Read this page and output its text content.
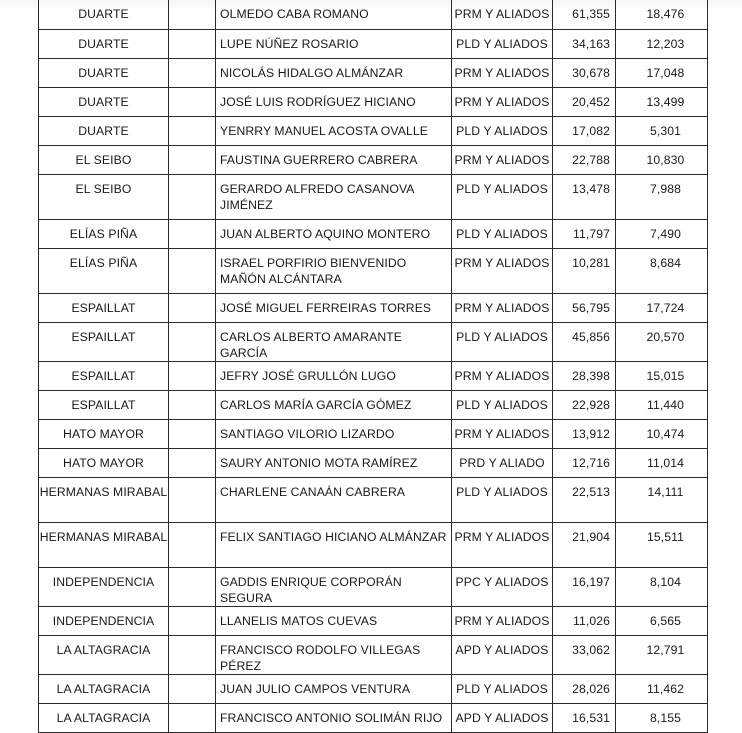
DUARTE		OLMEDO CABA ROMANO	PRM Y ALIADOS	61,355	18,476
DUARTE		LUPE NÚÑEZ ROSARIO	PLD Y ALIADOS	34,163	12,203
DUARTE		NICOLÁS HIDALGO ALMÁNZAR	PRM Y ALIADOS	30,678	17,048
DUARTE		JOSÉ LUIS RODRÍGUEZ HICIANO	PRM Y ALIADOS	20,452	13,499
DUARTE		YENRRY MANUEL ACOSTA OVALLE	PLD Y ALIADOS	17,082	5,301
EL SEIBO		FAUSTINA GUERRERO CABRERA	PRM Y ALIADOS	22,788	10,830
EL SEIBO		GERARDO ALFREDO CASANOVA JIMÉNEZ	PLD Y ALIADOS	13,478	7,988
ELÍAS PIÑA		JUAN ALBERTO AQUINO MONTERO	PLD Y ALIADOS	11,797	7,490
ELÍAS PIÑA		ISRAEL PORFIRIO BIENVENIDO MAÑÓN ALCÁNTARA	PRM Y ALIADOS	10,281	8,684
ESPAILLAT		JOSÉ MIGUEL FERREIRAS TORRES	PRM Y ALIADOS	56,795	17,724
ESPAILLAT		CARLOS ALBERTO AMARANTE GARCÍA	PLD Y ALIADOS	45,856	20,570
ESPAILLAT		JEFRY JOSÉ GRULLÓN LUGO	PRM Y ALIADOS	28,398	15,015
ESPAILLAT		CARLOS MARÍA GARCÍA GÓMEZ	PLD Y ALIADOS	22,928	11,440
HATO MAYOR		SANTIAGO VILORIO LIZARDO	PRM Y ALIADOS	13,912	10,474
HATO MAYOR		SAURY ANTONIO MOTA RAMÍREZ	PRD Y ALIADO	12,716	11,014
HERMANAS MIRABAL		CHARLENE CANAÁN CABRERA	PLD Y ALIADOS	22,513	14,111
HERMANAS MIRABAL		FELIX SANTIAGO HICIANO ALMÁNZAR	PRM Y ALIADOS	21,904	15,511
INDEPENDENCIA		GADDIS ENRIQUE CORPORÁN SEGURA	PPC Y ALIADOS	16,197	8,104
INDEPENDENCIA		LLANELIS MATOS CUEVAS	PRM Y ALIADOS	11,026	6,565
LA ALTAGRACIA		FRANCISCO RODOLFO VILLEGAS PÉREZ	APD Y ALIADOS	33,062	12,791
LA ALTAGRACIA		JUAN JULIO CAMPOS VENTURA	PLD Y ALIADOS	28,026	11,462
LA ALTAGRACIA		FRANCISCO ANTONIO SOLIMÁN RIJO	APD Y ALIADOS	16,531	8,155
